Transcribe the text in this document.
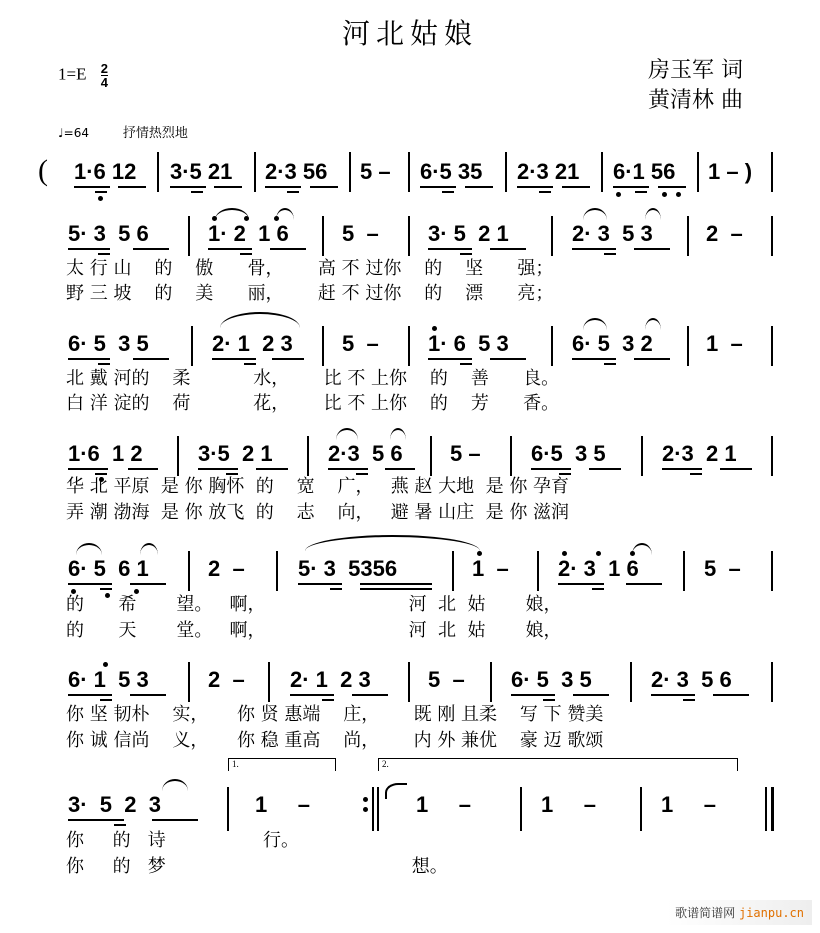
河北姑娘
$1=E \frac{2}{4}$	房玉军 词
黄清林 曲
♩=64	抒情热烈地
( 1·6 12 3·5 21 2·3 56 5 – 6·5 35 2·3 21 6·1 56 1 – )
5· 3  5 6	1· 2  1 6 5  – 3· 5  2 1	2· 3  5 3 2  –
太 行 山    的    傲      骨，      高 不 过你    的    坚      强；
野 三 坡    的    美      丽，      赶 不 过你    的    漂      亮；
6· 5  3 5	2· 1  2 3 5  – 1· 6  5 3	6· 5  3 2 1  –
北 戴 河的    柔           水，      比 不 上你    的    善      良。
白 洋 淀的    荷           花，      比 不 上你    的    芳      香。
1·6  1 2	3·5  2 1	2·3  5 6 5 – 6·5  3 5	2·3  2 1
华 北 平原  是 你 胸怀  的    宽    广，   燕 赵 大地  是 你 孕育
弄 潮 渤海  是 你 放飞  的    志    向，   避 暑 山庄  是 你 滋润
6· 5  6 1	2  – 5· 3  5356	1  – 2· 3  1 6	5  –
的      希       望。   啊，                         河  北  姑       娘，
的      天       堂。   啊，                         河  北  姑       娘，
6· 1  5 3	2  – 2· 1  2 3	5  – 6· 5  3 5	2· 3  5 6
你 坚 韧朴    实，     你 贤 惠端    庄，      既 刚 且柔    写 下 赞美
你 诚 信尚    义，     你 稳 重高    尚，      内 外 兼优    豪 迈 歌颂
1.	2.
3·  5  2  3	1     –	1     –	1     –	1     –
你     的   诗                 行。
你     的   梦                                           想。
歌谱简谱网 jianpu.cn
